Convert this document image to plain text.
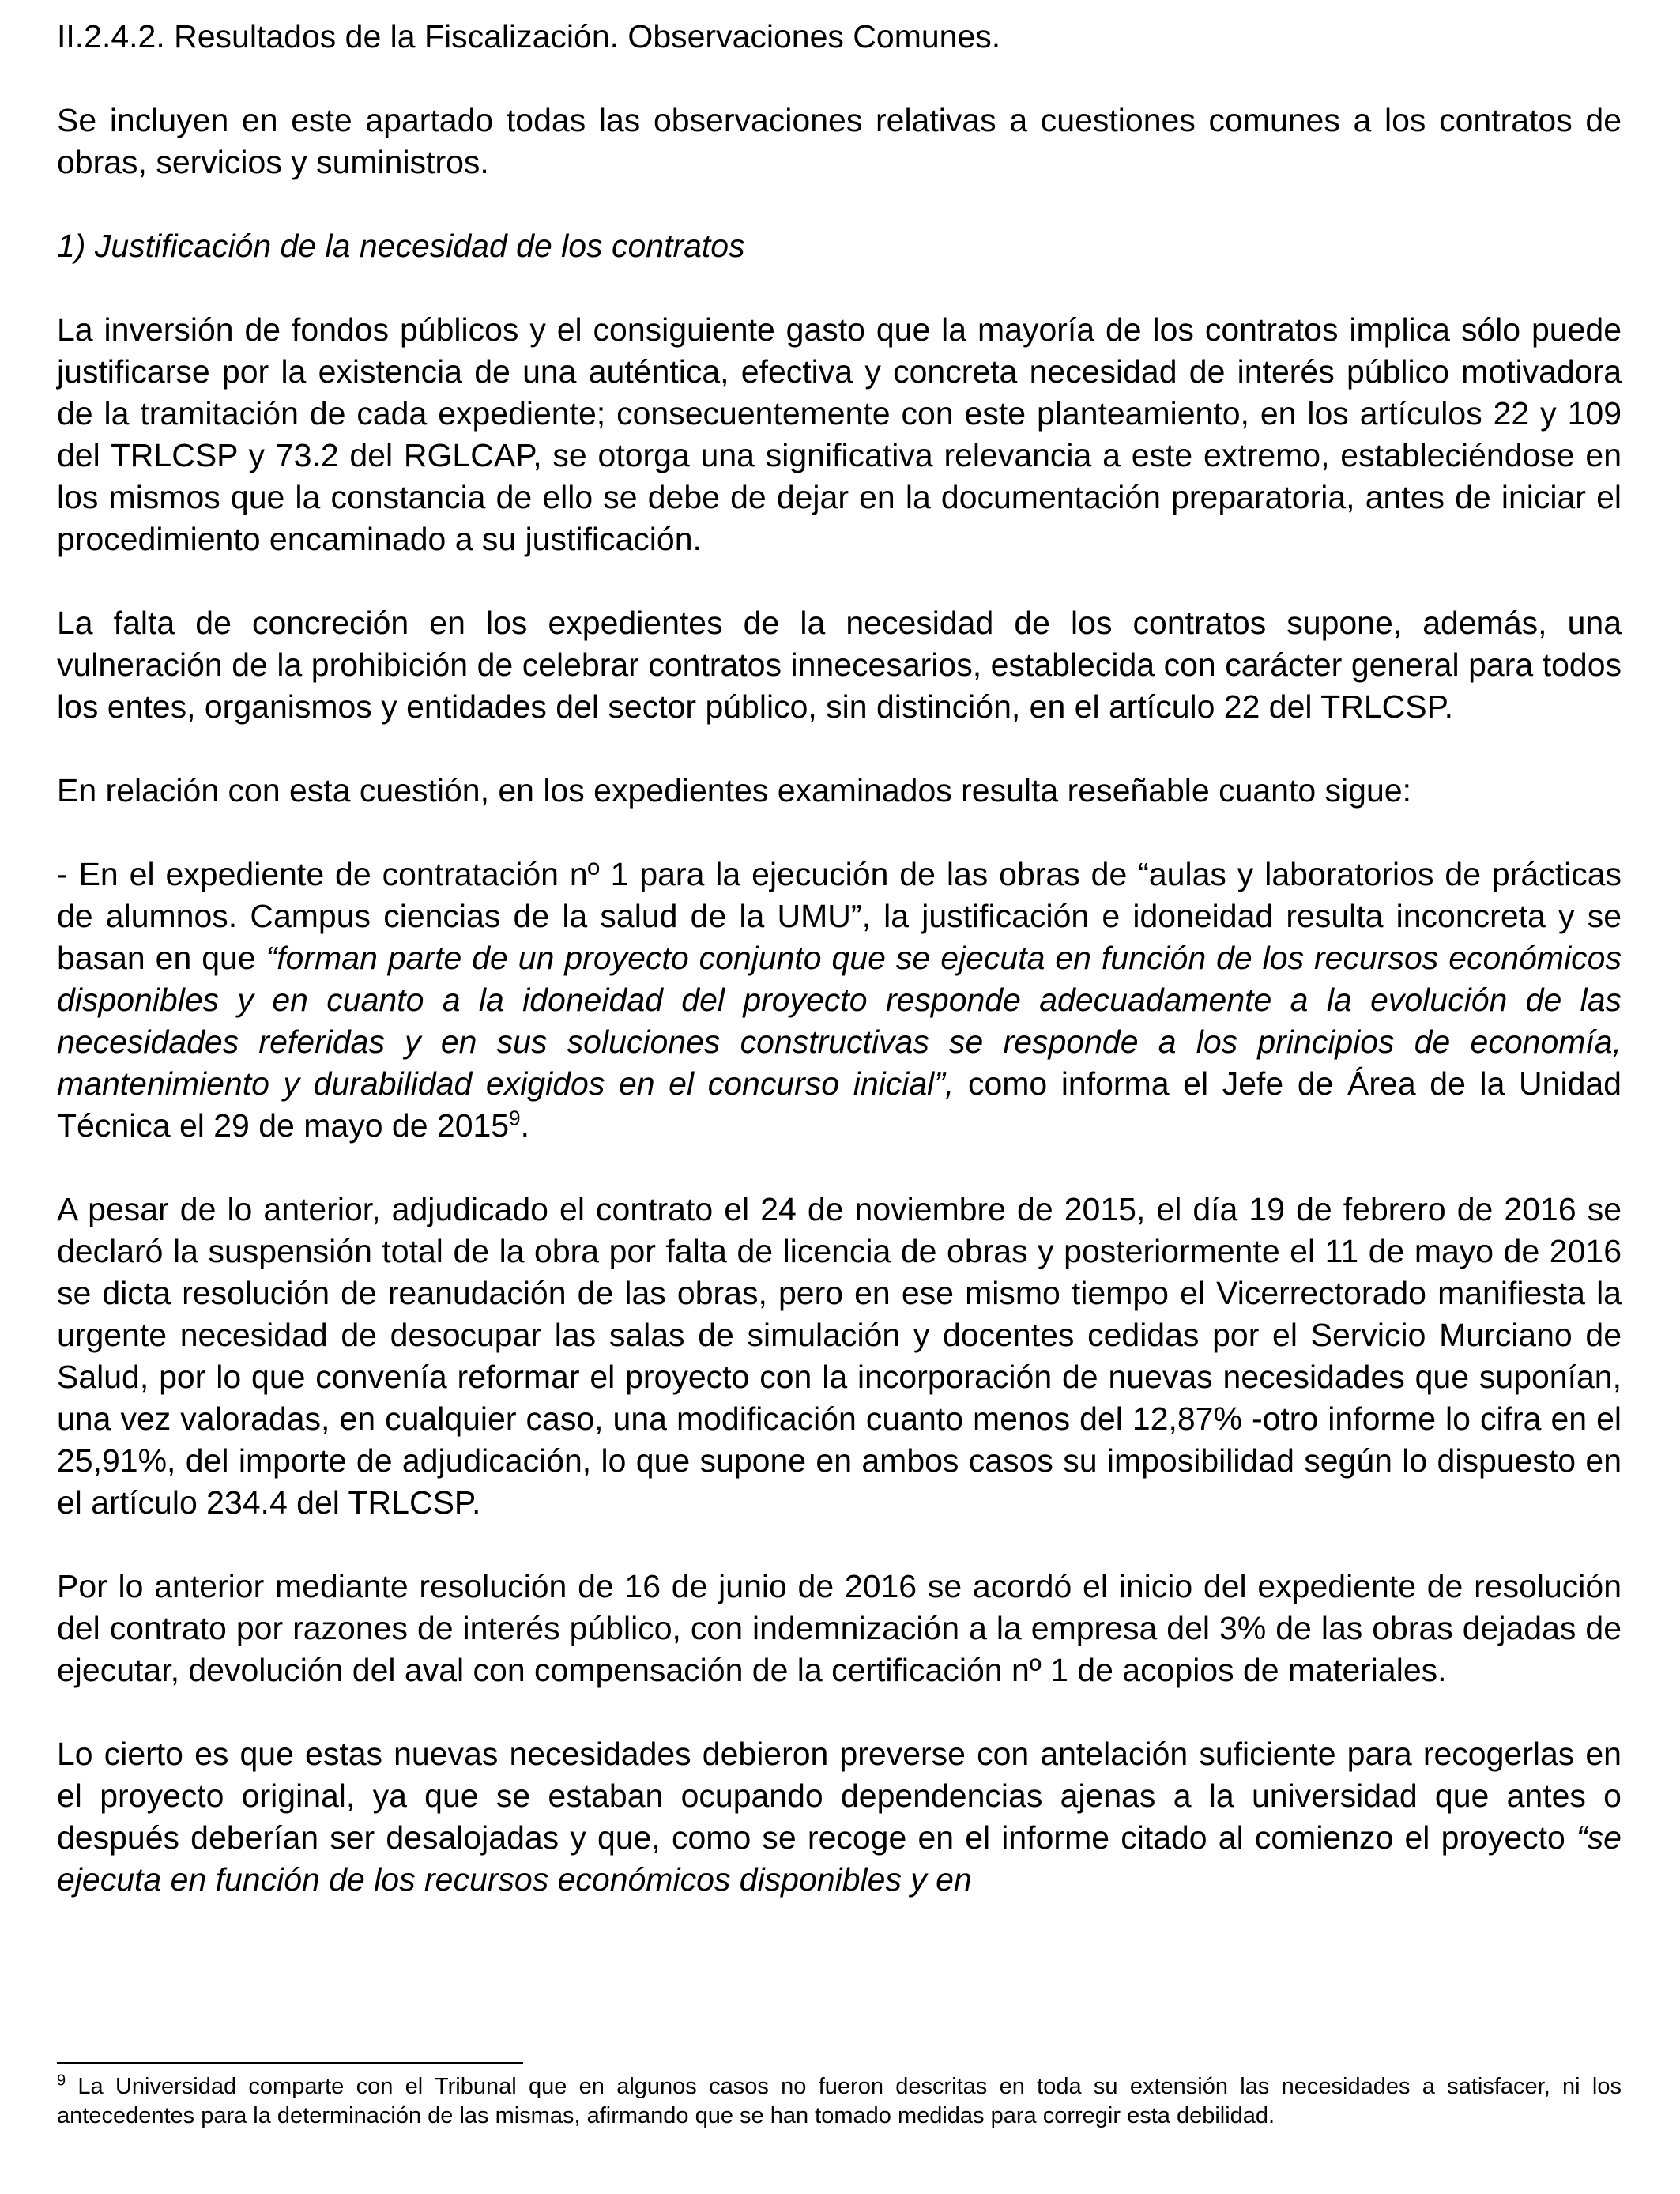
II.2.4.2. Resultados de la Fiscalización. Observaciones Comunes.

Se incluyen en este apartado todas las observaciones relativas a cuestiones comunes a los contratos de obras, servicios y suministros.

1) Justificación de la necesidad de los contratos

La inversión de fondos públicos y el consiguiente gasto que la mayoría de los contratos implica sólo puede justificarse por la existencia de una auténtica, efectiva y concreta necesidad de interés público motivadora de la tramitación de cada expediente; consecuentemente con este planteamiento, en los artículos 22 y 109 del TRLCSP y 73.2 del RGLCAP, se otorga una significativa relevancia a este extremo, estableciéndose en los mismos que la constancia de ello se debe de dejar en la documentación preparatoria, antes de iniciar el procedimiento encaminado a su justificación.

La falta de concreción en los expedientes de la necesidad de los contratos supone, además, una vulneración de la prohibición de celebrar contratos innecesarios, establecida con carácter general para todos los entes, organismos y entidades del sector público, sin distinción, en el artículo 22 del TRLCSP.

En relación con esta cuestión, en los expedientes examinados resulta reseñable cuanto sigue:

- En el expediente de contratación nº 1 para la ejecución de las obras de “aulas y laboratorios de prácticas de alumnos. Campus ciencias de la salud de la UMU”, la justificación e idoneidad resulta inconcreta y se basan en que “forman parte de un proyecto conjunto que se ejecuta en función de los recursos económicos disponibles y en cuanto a la idoneidad del proyecto responde adecuadamente a la evolución de las necesidades referidas y en sus soluciones constructivas se responde a los principios de economía, mantenimiento y durabilidad exigidos en el concurso inicial”, como informa el Jefe de Área de la Unidad Técnica el 29 de mayo de 2015$^9$.

A pesar de lo anterior, adjudicado el contrato el 24 de noviembre de 2015, el día 19 de febrero de 2016 se declaró la suspensión total de la obra por falta de licencia de obras y posteriormente el 11 de mayo de 2016 se dicta resolución de reanudación de las obras, pero en ese mismo tiempo el Vicerrectorado manifiesta la urgente necesidad de desocupar las salas de simulación y docentes cedidas por el Servicio Murciano de Salud, por lo que convenía reformar el proyecto con la incorporación de nuevas necesidades que suponían, una vez valoradas, en cualquier caso, una modificación cuanto menos del 12,87% -otro informe lo cifra en el 25,91%, del importe de adjudicación, lo que supone en ambos casos su imposibilidad según lo dispuesto en el artículo 234.4 del TRLCSP.

Por lo anterior mediante resolución de 16 de junio de 2016 se acordó el inicio del expediente de resolución del contrato por razones de interés público, con indemnización a la empresa del 3% de las obras dejadas de ejecutar, devolución del aval con compensación de la certificación nº 1 de acopios de materiales.

Lo cierto es que estas nuevas necesidades debieron preverse con antelación suficiente para recogerlas en el proyecto original, ya que se estaban ocupando dependencias ajenas a la universidad que antes o después deberían ser desalojadas y que, como se recoge en el informe citado al comienzo el proyecto “se ejecuta en función de los recursos económicos disponibles y en

$^9$ La Universidad comparte con el Tribunal que en algunos casos no fueron descritas en toda su extensión las necesidades a satisfacer, ni los antecedentes para la determinación de las mismas, afirmando que se han tomado medidas para corregir esta debilidad.
